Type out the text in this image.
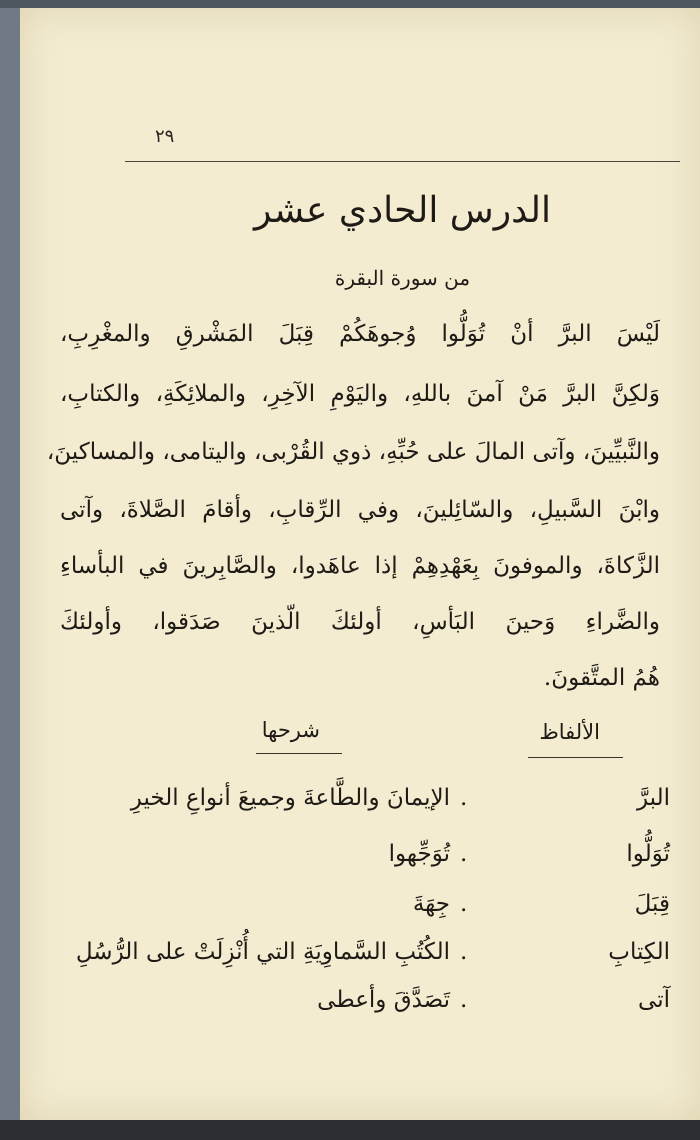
٢٩
الدرس الحادي عشر
من سورة البقرة
لَيْسَ البرَّ أنْ تُوَلُّوا وُجوهَكُمْ قِبَلَ المَشْرقِ والمغْرِبِ،
وَلكِنَّ البرَّ مَنْ آمنَ باللهِ، واليَوْمِ الآخِرِ، والملائِكَةِ، والكتابِ،
والنَّبيِّينَ، وآتى المالَ على حُبِّهِ، ذوي القُرْبى، واليتامى، والمساكينَ،
وابْنَ السَّبيلِ، والسّائِلينَ، وفي الرِّقابِ، وأقامَ الصَّلاةَ، وآتى
الزَّكاةَ، والموفونَ بِعَهْدِهِمْ إذا عاهَدوا، والصَّابِرينَ في البأساءِ
والضَّراءِ وَحينَ البَأسِ، أولئكَ الّذينَ صَدَقوا، وأولئكَ
هُمُ المتَّقونَ.
الألفاظ
شرحها
البرَّ
.
الإيمانَ والطَّاعةَ وجميعَ أنواعِ الخيرِ
تُوَلُّوا
.
تُوَجِّهوا
قِبَلَ
.
جِهَةَ
الكِتابِ
.
الكُتُبِ السَّماوِيَةِ التي أُنْزِلَتْ على الرُّسُلِ
آتى
.
تَصَدَّقَ وأعطى
